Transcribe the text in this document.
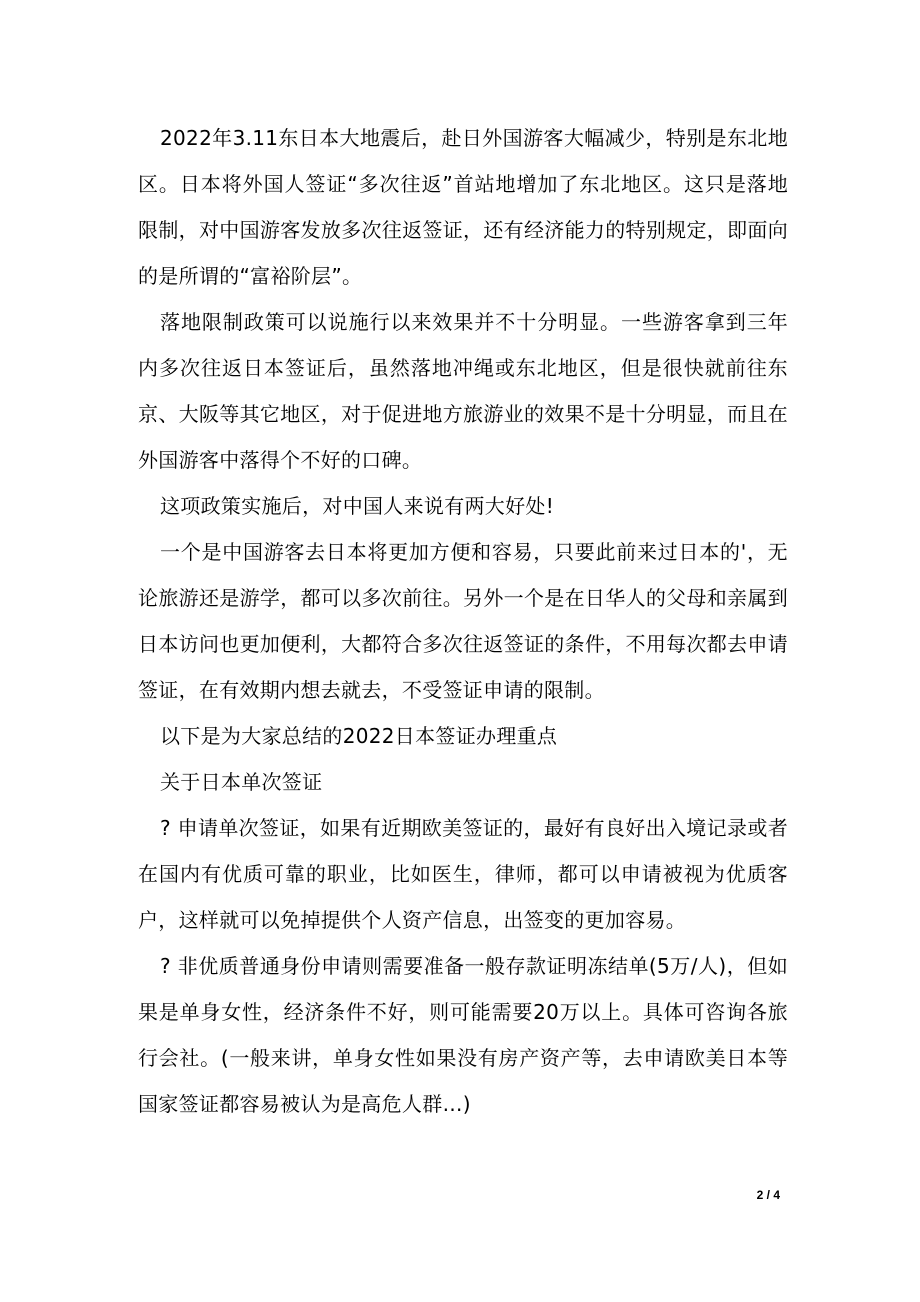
2022年3.11东日本大地震后，赴日外国游客大幅减少，特别是东北地区。日本将外国人签证“多次往返”首站地增加了东北地区。这只是落地限制，对中国游客发放多次往返签证，还有经济能力的特别规定，即面向的是所谓的“富裕阶层”。

落地限制政策可以说施行以来效果并不十分明显。一些游客拿到三年内多次往返日本签证后，虽然落地冲绳或东北地区，但是很快就前往东京、大阪等其它地区，对于促进地方旅游业的效果不是十分明显，而且在外国游客中落得个不好的口碑。

这项政策实施后，对中国人来说有两大好处!

一个是中国游客去日本将更加方便和容易，只要此前来过日本的'，无论旅游还是游学，都可以多次前往。另外一个是在日华人的父母和亲属到日本访问也更加便利，大都符合多次往返签证的条件，不用每次都去申请签证，在有效期内想去就去，不受签证申请的限制。

以下是为大家总结的2022日本签证办理重点

关于日本单次签证

? 申请单次签证，如果有近期欧美签证的，最好有良好出入境记录或者在国内有优质可靠的职业，比如医生，律师，都可以申请被视为优质客户，这样就可以免掉提供个人资产信息，出签变的更加容易。

? 非优质普通身份申请则需要准备一般存款证明冻结单(5万/人)，但如果是单身女性，经济条件不好，则可能需要20万以上。具体可咨询各旅行会社。(一般来讲，单身女性如果没有房产资产等，去申请欧美日本等国家签证都容易被认为是高危人群…)

2 / 4
